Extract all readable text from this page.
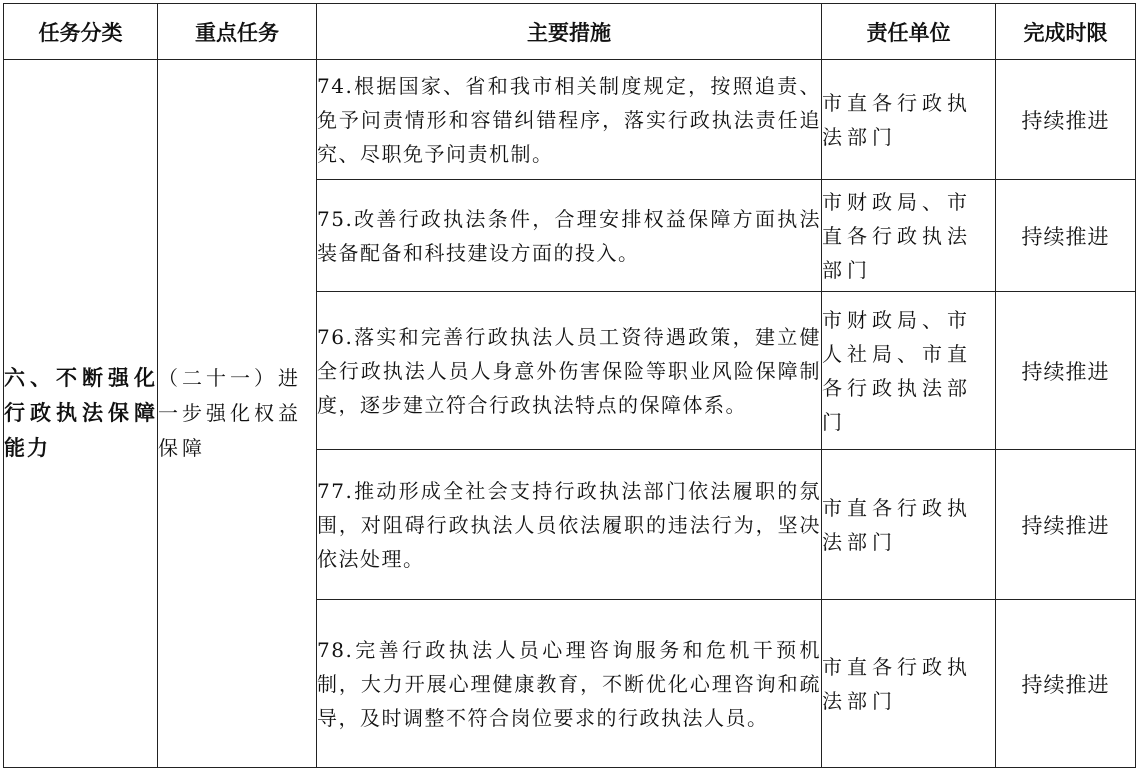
任务分类	重点任务	主要措施	责任单位	完成时限
六、不断强化行政执法保障能力	（二十一）进一步强化权益保障	74.根据国家、省和我市相关制度规定，按照追责、免予问责情形和容错纠错程序，落实行政执法责任追究、尽职免予问责机制。	市直各行政执法部门	持续推进
		75.改善行政执法条件，合理安排权益保障方面执法装备配备和科技建设方面的投入。	市财政局、市直各行政执法部门	持续推进
		76.落实和完善行政执法人员工资待遇政策，建立健全行政执法人员人身意外伤害保险等职业风险保障制度，逐步建立符合行政执法特点的保障体系。	市财政局、市人社局、市直各行政执法部门	持续推进
		77.推动形成全社会支持行政执法部门依法履职的氛围，对阻碍行政执法人员依法履职的违法行为，坚决依法处理。	市直各行政执法部门	持续推进
		78.完善行政执法人员心理咨询服务和危机干预机制，大力开展心理健康教育，不断优化心理咨询和疏导，及时调整不符合岗位要求的行政执法人员。	市直各行政执法部门	持续推进
